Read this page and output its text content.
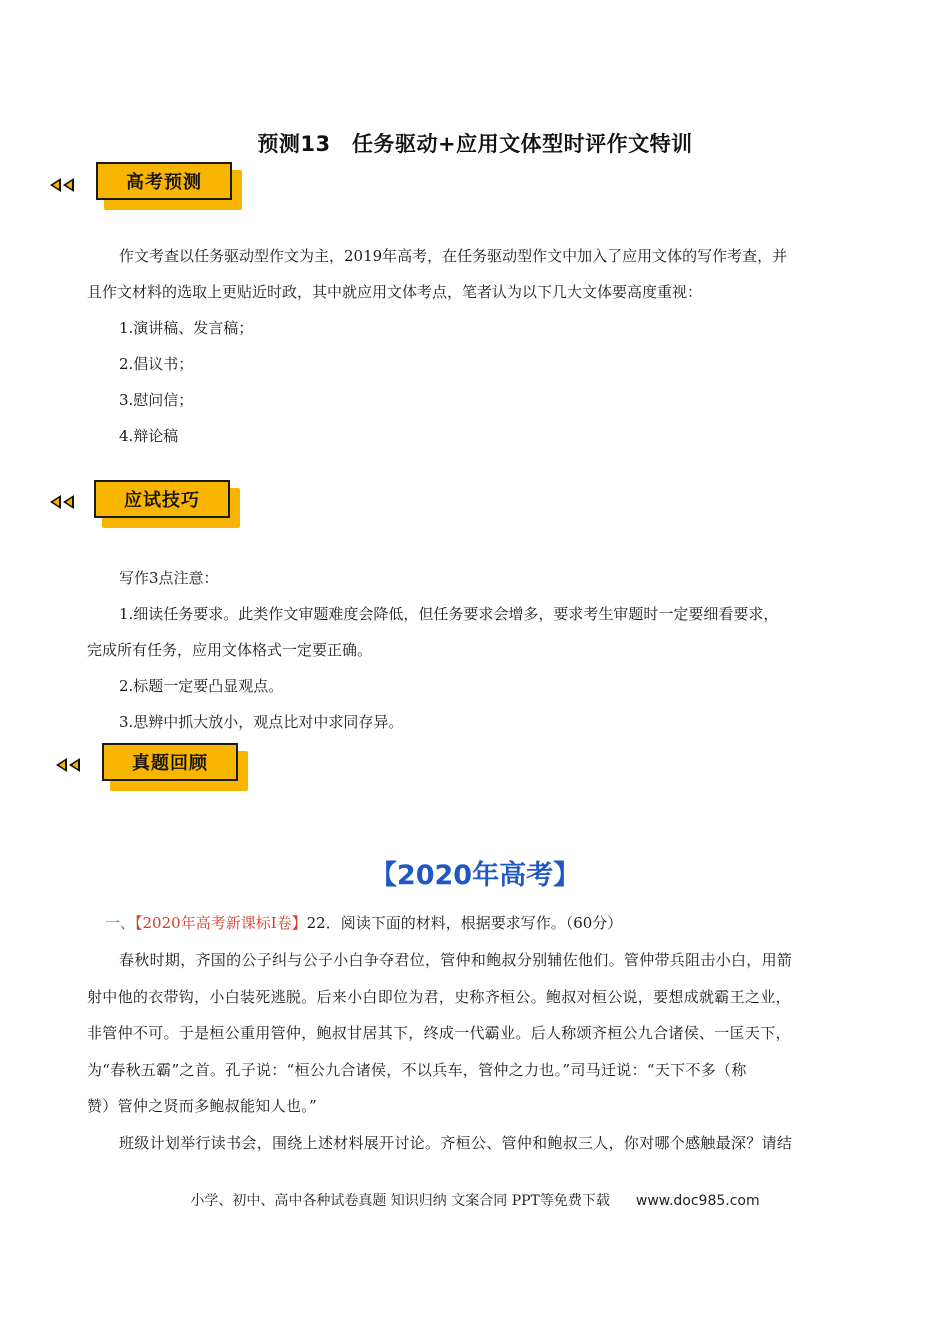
预测13　任务驱动+应用文体型时评作文特训
高考预测

作文考查以任务驱动型作文为主，2019年高考，在任务驱动型作文中加入了应用文体的写作考查，并

且作文材料的选取上更贴近时政，其中就应用文体考点，笔者认为以下几大文体要高度重视：

1.演讲稿、发言稿；

2.倡议书；

3.慰问信；

4.辩论稿

应试技巧

写作3点注意：

1.细读任务要求。此类作文审题难度会降低，但任务要求会增多，要求考生审题时一定要细看要求，

完成所有任务，应用文体格式一定要正确。

2.标题一定要凸显观点。

3.思辨中抓大放小，观点比对中求同存异。

真题回顾
【2020年高考】
一、【2020年高考新课标Ⅰ卷】22．阅读下面的材料，根据要求写作。（60分）

春秋时期，齐国的公子纠与公子小白争夺君位，管仲和鲍叔分别辅佐他们。管仲带兵阻击小白，用箭

射中他的衣带钩，小白装死逃脱。后来小白即位为君，史称齐桓公。鲍叔对桓公说，要想成就霸王之业，

非管仲不可。于是桓公重用管仲，鲍叔甘居其下，终成一代霸业。后人称颂齐桓公九合诸侯、一匡天下，

为“春秋五霸”之首。孔子说：“桓公九合诸侯，不以兵车，管仲之力也。”司马迁说：“天下不多（称

赞）管仲之贤而多鲍叔能知人也。”

班级计划举行读书会，围绕上述材料展开讨论。齐桓公、管仲和鲍叔三人，你对哪个感触最深？请结

小学、初中、高中各种试卷真题 知识归纳 文案合同 PPT等免费下载 www.doc985.com
